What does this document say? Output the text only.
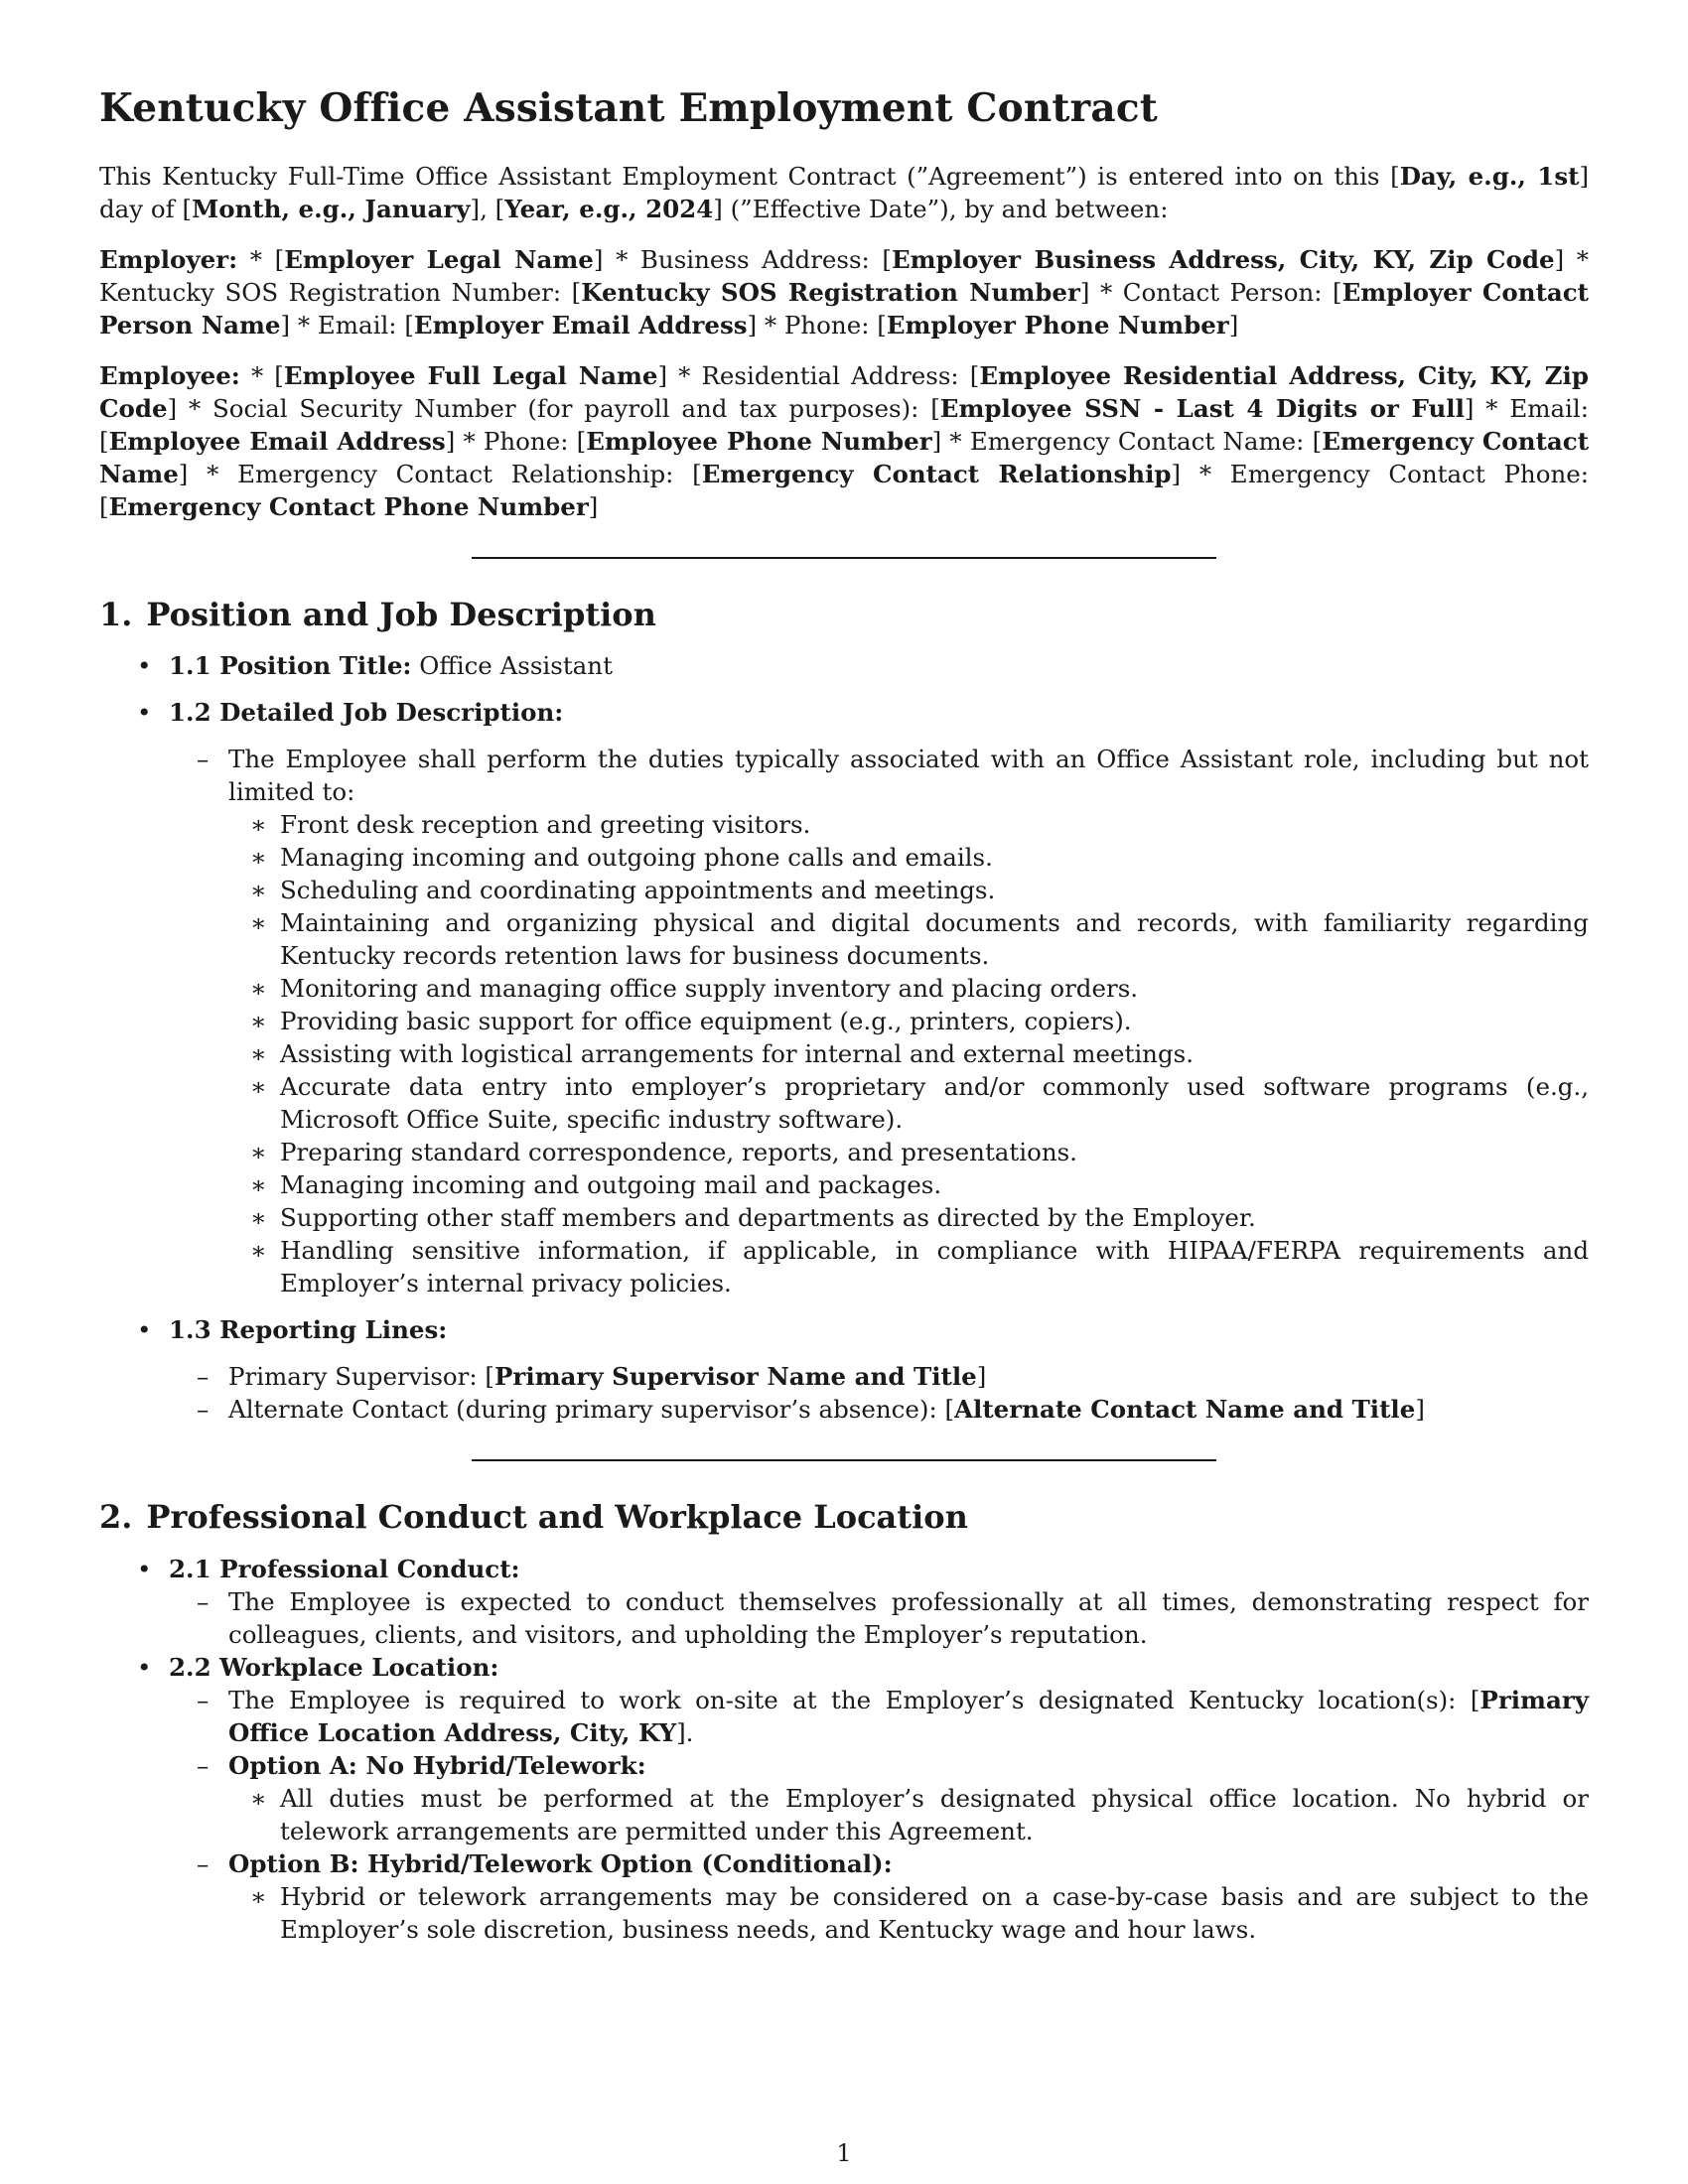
Kentucky Office Assistant Employment Contract

This Kentucky Full-Time Office Assistant Employment Contract (”Agreement”) is entered into on this [Day, e.g., 1st] day of [Month, e.g., January], [Year, e.g., 2024] (”Effective Date”), by and between:

Employer: * [Employer Legal Name] * Business Address: [Employer Business Address, City, KY, Zip Code] * Kentucky SOS Registration Number: [Kentucky SOS Registration Number] * Contact Person: [Employer Contact Person Name] * Email: [Employer Email Address] * Phone: [Employer Phone Number]

Employee: * [Employee Full Legal Name] * Residential Address: [Employee Residential Address, City, KY, Zip Code] * Social Security Number (for payroll and tax purposes): [Employee SSN - Last 4 Digits or Full] * Email: [Employee Email Address] * Phone: [Employee Phone Number] * Emergency Contact Name: [Emergency Contact Name] * Emergency Contact Relationship: [Emergency Contact Relationship] * Emergency Contact Phone: [Emergency Contact Phone Number]

1. Position and Job Description
• 1.1 Position Title: Office Assistant
• 1.2 Detailed Job Description:
– The Employee shall perform the duties typically associated with an Office Assistant role, including but not limited to:
∗ Front desk reception and greeting visitors.
∗ Managing incoming and outgoing phone calls and emails.
∗ Scheduling and coordinating appointments and meetings.
∗ Maintaining and organizing physical and digital documents and records, with familiarity regarding Kentucky records retention laws for business documents.
∗ Monitoring and managing office supply inventory and placing orders.
∗ Providing basic support for office equipment (e.g., printers, copiers).
∗ Assisting with logistical arrangements for internal and external meetings.
∗ Accurate data entry into employer’s proprietary and/or commonly used software programs (e.g., Microsoft Office Suite, specific industry software).
∗ Preparing standard correspondence, reports, and presentations.
∗ Managing incoming and outgoing mail and packages.
∗ Supporting other staff members and departments as directed by the Employer.
∗ Handling sensitive information, if applicable, in compliance with HIPAA/FERPA requirements and Employer’s internal privacy policies.
• 1.3 Reporting Lines:
– Primary Supervisor: [Primary Supervisor Name and Title]
– Alternate Contact (during primary supervisor’s absence): [Alternate Contact Name and Title]
2. Professional Conduct and Workplace Location
• 2.1 Professional Conduct:
– The Employee is expected to conduct themselves professionally at all times, demonstrating respect for colleagues, clients, and visitors, and upholding the Employer’s reputation.
• 2.2 Workplace Location:
– The Employee is required to work on-site at the Employer’s designated Kentucky location(s): [Primary Office Location Address, City, KY].
– Option A: No Hybrid/Telework:
∗ All duties must be performed at the Employer’s designated physical office location. No hybrid or telework arrangements are permitted under this Agreement.
– Option B: Hybrid/Telework Option (Conditional):
∗ Hybrid or telework arrangements may be considered on a case-by-case basis and are subject to the Employer’s sole discretion, business needs, and Kentucky wage and hour laws.
1
